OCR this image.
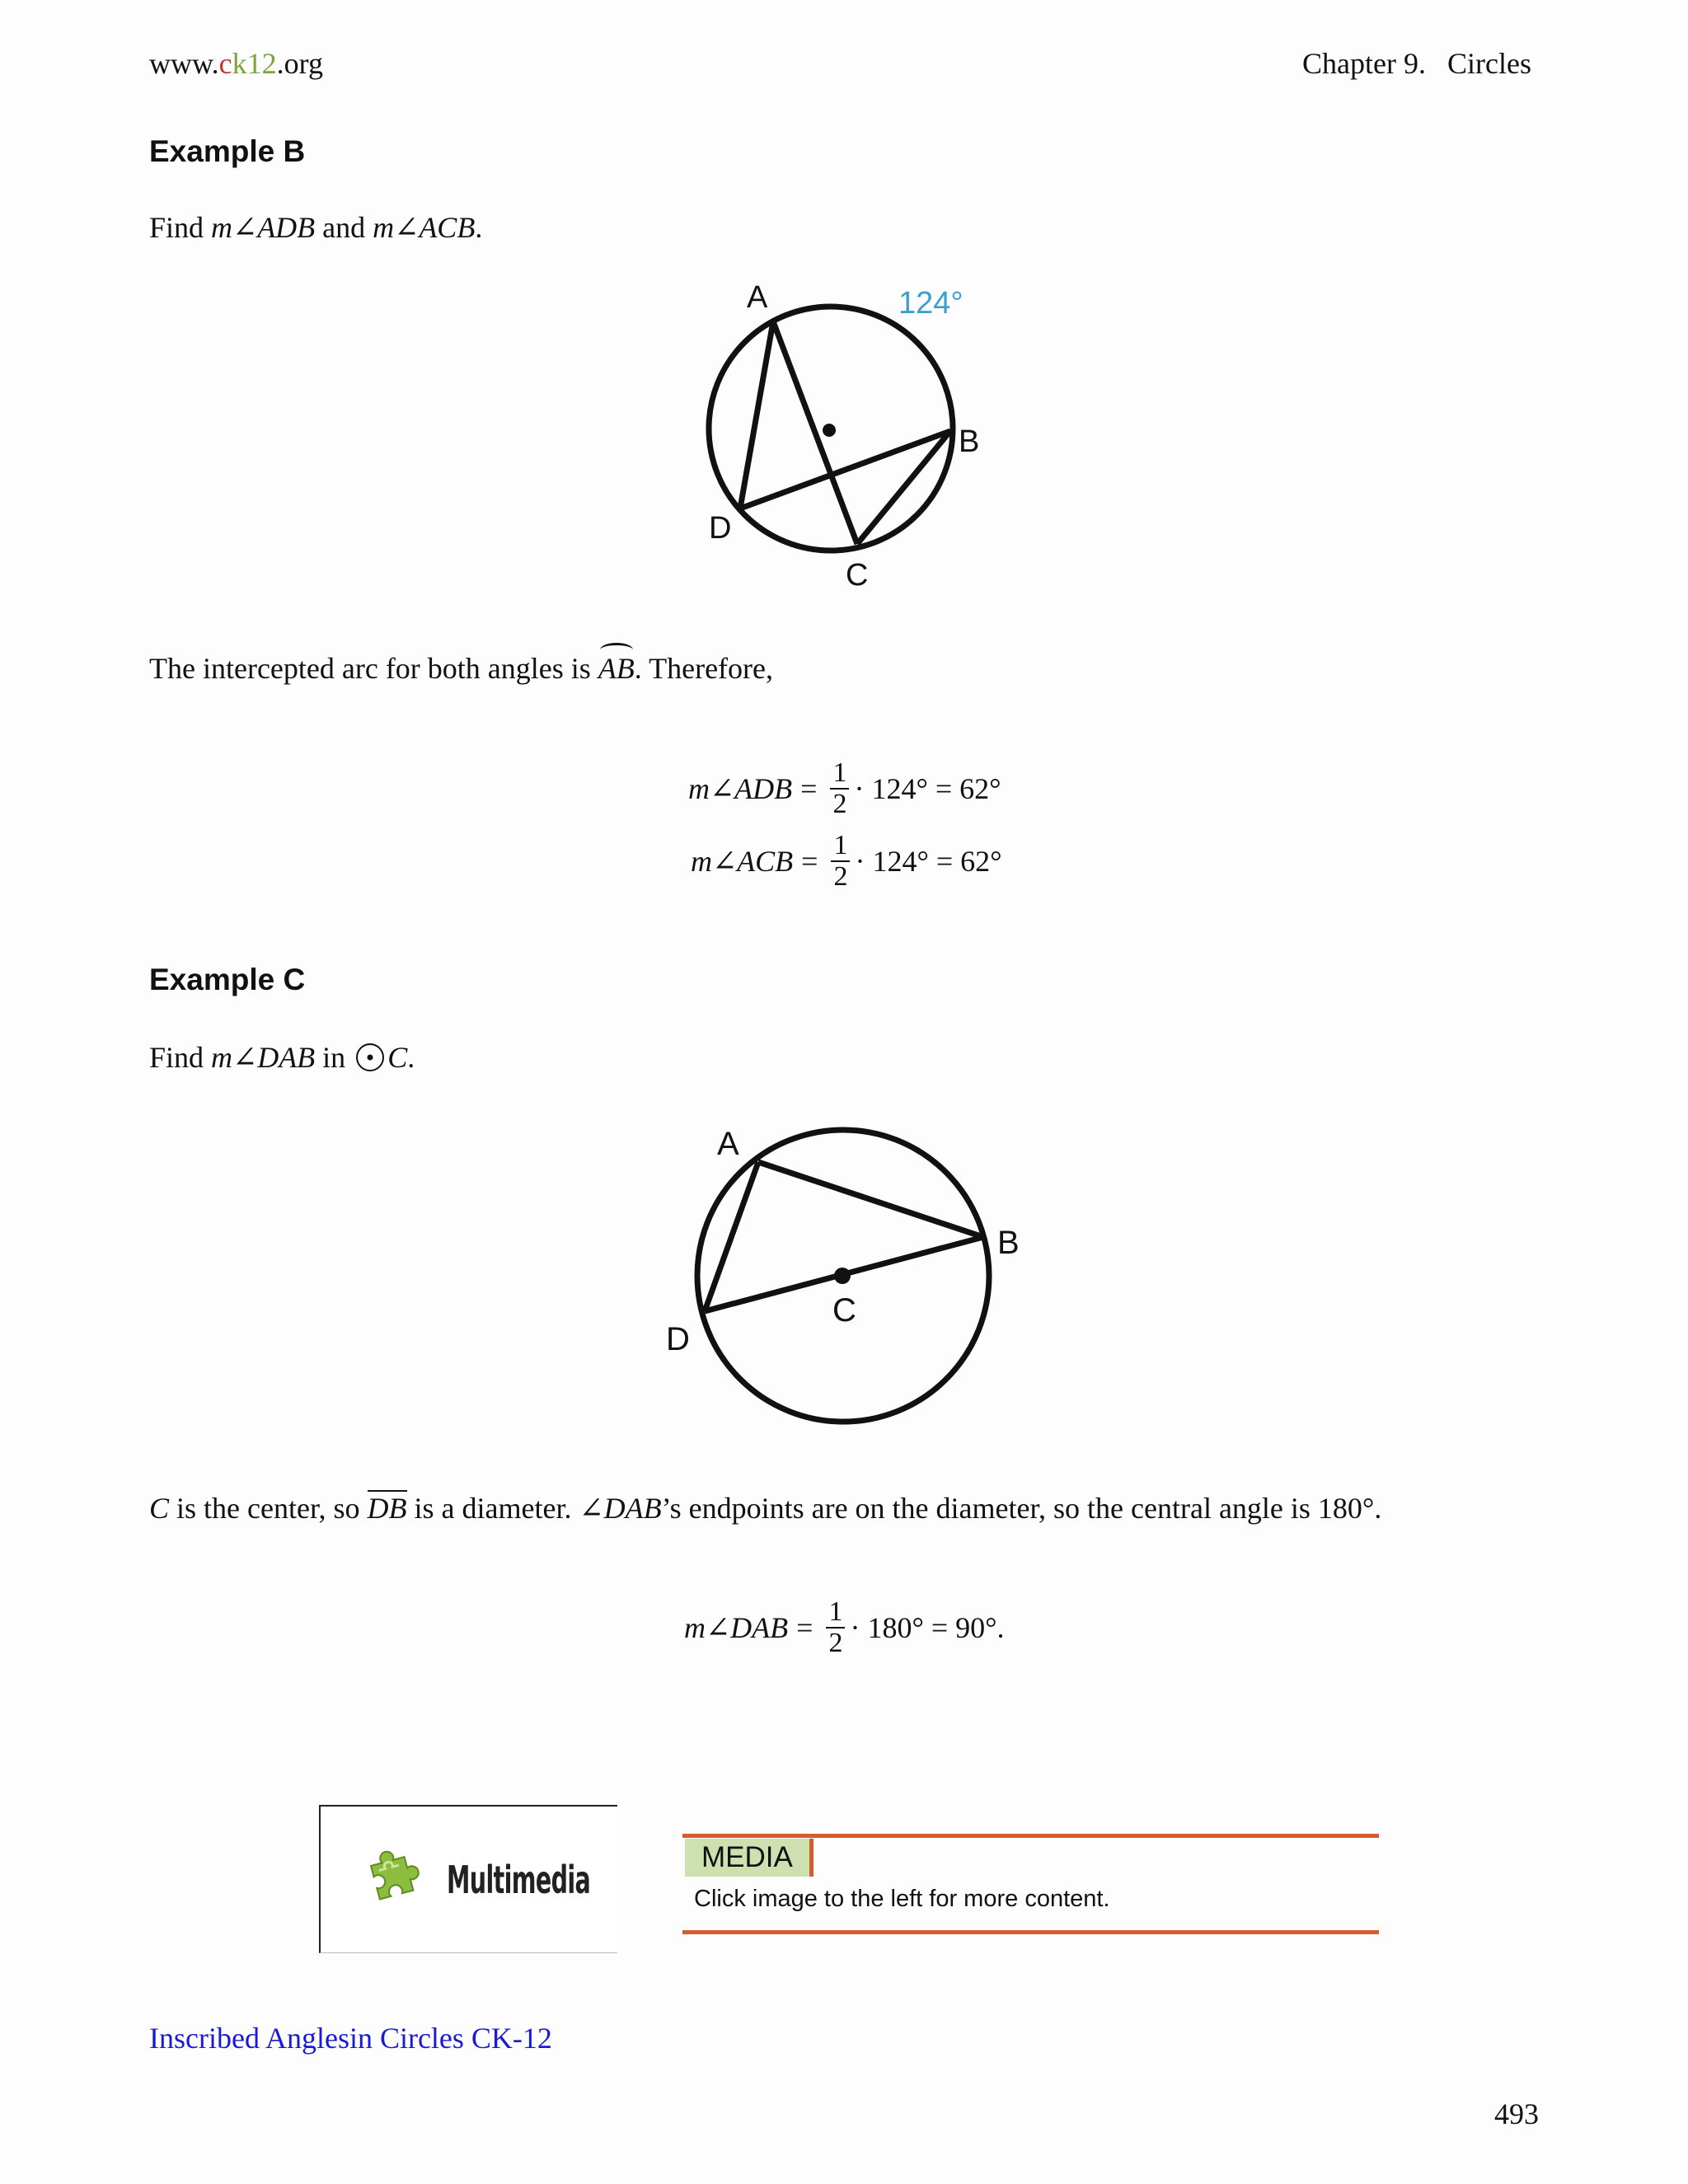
www.ck12.org	Chapter 9. Circles
Example B
Find m∠ADB and m∠ACB.
A
B
C
D
124°
The intercepted arc for both angles is
AB. Therefore,
m∠ADB = $\frac{1}{2} \cdot 124^\circ = 62^\circ$
m∠ACB = $\frac{1}{2} \cdot 124^\circ = 62^\circ$
Example C
Find m∠DAB in C.
A
B
C
D
C is the center, so DB is a diameter. ∠DAB’s endpoints are on the diameter, so the central angle is 180°.
m∠DAB = $\frac{1}{2} \cdot 180^\circ = 90^\circ$.
Multimedia
MEDIA
Click image to the left for more content.
Inscribed Anglesin Circles CK-12
493
